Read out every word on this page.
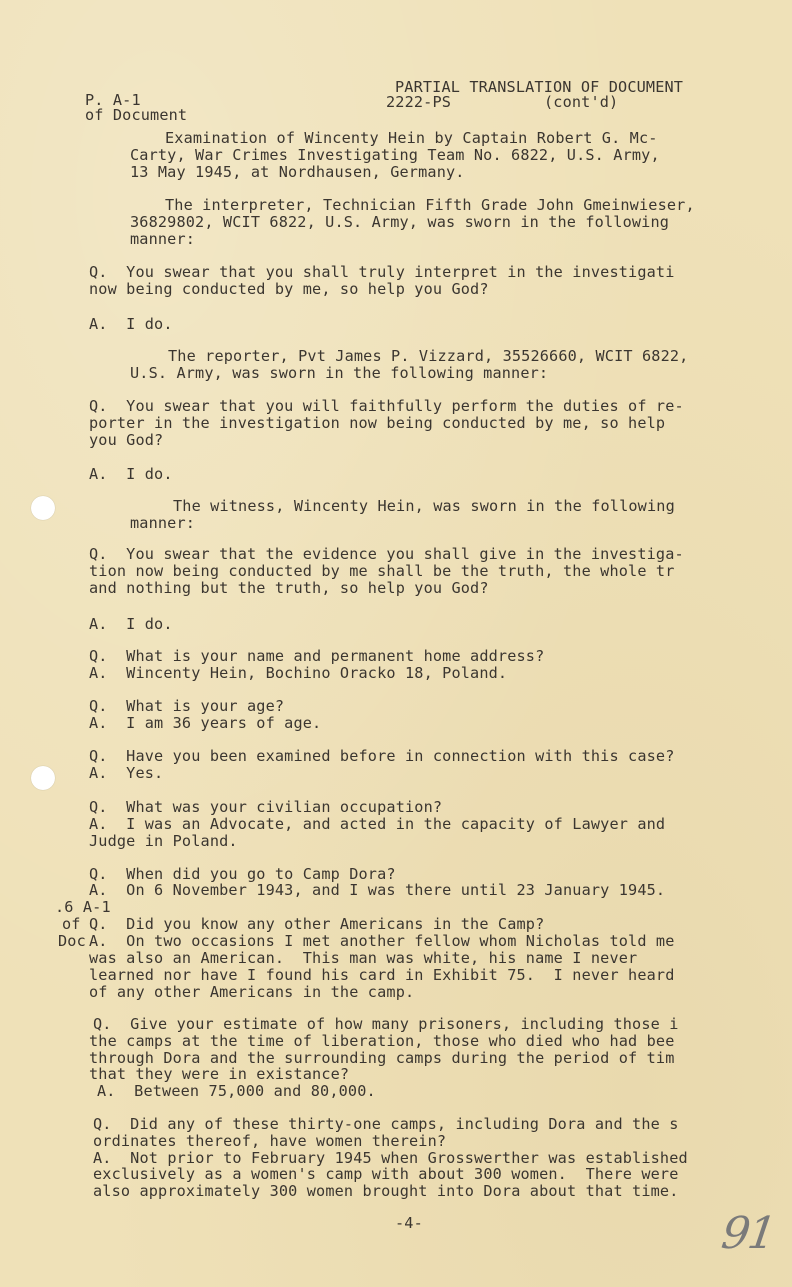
PARTIAL TRANSLATION OF DOCUMENT
2222-PS          (cont'd)
P. A-1
of Document
Examination of Wincenty Hein by Captain Robert G. Mc-
Carty, War Crimes Investigating Team No. 6822, U.S. Army,
13 May 1945, at Nordhausen, Germany.
The interpreter, Technician Fifth Grade John Gmeinwieser,
36829802, WCIT 6822, U.S. Army, was sworn in the following
manner:
Q.  You swear that you shall truly interpret in the investigati
now being conducted by me, so help you God?
A.  I do.
The reporter, Pvt James P. Vizzard, 35526660, WCIT 6822,
U.S. Army, was sworn in the following manner:
Q.  You swear that you will faithfully perform the duties of re-
porter in the investigation now being conducted by me, so help
you God?
A.  I do.
The witness, Wincenty Hein, was sworn in the following
manner:
Q.  You swear that the evidence you shall give in the investiga-
tion now being conducted by me shall be the truth, the whole tr
and nothing but the truth, so help you God?
A.  I do.
Q.  What is your name and permanent home address?
A.  Wincenty Hein, Bochino Oracko 18, Poland.
Q.  What is your age?
A.  I am 36 years of age.
Q.  Have you been examined before in connection with this case?
A.  Yes.
Q.  What was your civilian occupation?
A.  I was an Advocate, and acted in the capacity of Lawyer and
Judge in Poland.
Q.  When did you go to Camp Dora?
A.  On 6 November 1943, and I was there until 23 January 1945.
.6 A-1
of
Doc
Q.  Did you know any other Americans in the Camp?
A.  On two occasions I met another fellow whom Nicholas told me
was also an American.  This man was white, his name I never
learned nor have I found his card in Exhibit 75.  I never heard
of any other Americans in the camp.
Q.  Give your estimate of how many prisoners, including those i
the camps at the time of liberation, those who died who had bee
through Dora and the surrounding camps during the period of tim
that they were in existance?
A.  Between 75,000 and 80,000.
Q.  Did any of these thirty-one camps, including Dora and the s
ordinates thereof, have women therein?
A.  Not prior to February 1945 when Grosswerther was established
exclusively as a women's camp with about 300 women.  There were
also approximately 300 women brought into Dora about that time.
-4-	91
